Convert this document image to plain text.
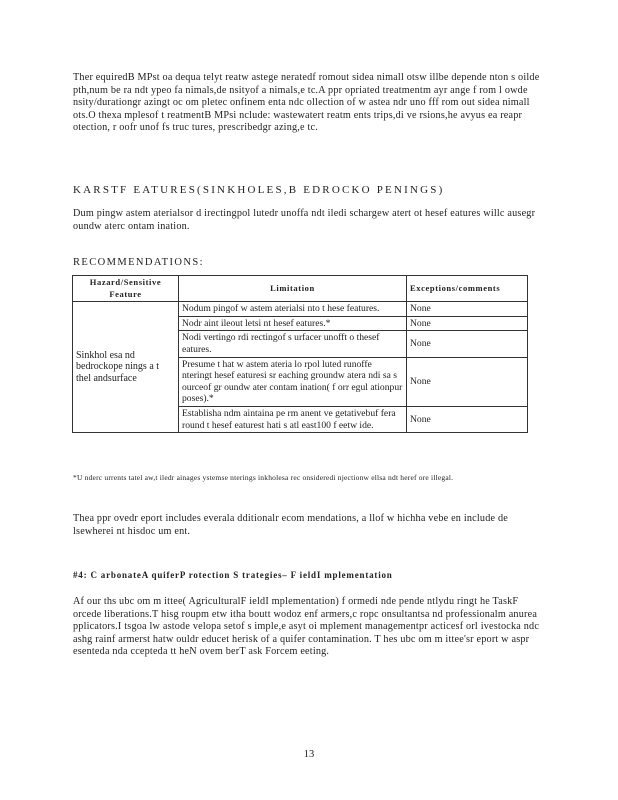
Ther equiredB MPst oa dequa telyt reatw astege neratedf romout sidea nimall otsw illbe depende nton s oilde pth,num be ra ndt ypeo fa nimals,de nsityof a nimals,e tc.A ppr opriated treatmentm ayr ange f rom l owde nsity/durationgr azingt oc om pletec onfinem enta ndc ollection of w astea ndr uno fff rom out sidea nimall ots.O thexa mplesof t reatmentB MPsi nclude: wastewatert reatm ents trips,di ve rsions,he avyus ea reapr otection, r oofr unof fs truc tures, prescribedgr azing,e tc.

KARSTF EATURES(SINKHOLES,B EDROCKO PENINGS)

Dum pingw astem aterialsor d irectingpol lutedr unoffa ndt iledi schargew atert ot hesef eatures willc ausegr oundw aterc ontam ination.

RECOMMENDATIONS:
Hazard/Sensitive Feature	Limitation	Exceptions/comments
Sinkhol esa nd bedrockope nings a t thel andsurface	Nodum pingof w astem aterialsi nto t hese features.	None
	Nodr aint ileout letsi nt hesef eatures.*	None
	Nodi vertingo rdi rectingof s urfacer unofft o thesef eatures.	None
	Presume t hat w astem ateria lo rpol luted runoffe nteringt hesef eaturesi sr eaching groundw atera ndi sa s ourceof gr oundw ater contam ination( f orr egul ationpur poses).*	None
	Establisha ndm aintaina pe rm anent ve getativebuf fera round t hesef eaturest hati s atl east100 f eetw ide.	None

*U nderc urrents tatel aw,t iledr ainages ystemse nterings inkholesa rec onsideredi njectionw ellsa ndt heref ore illegal.

Thea ppr ovedr eport includes everala dditionalr ecom mendations, a llof w hichha vebe en include de lsewherei nt hisdoc um ent.

#4: C arbonateA quiferP rotection S trategies– F ieldI mplementation

Af our ths ubc om m ittee( AgriculturalF ieldI mplementation) f ormedi nde pende ntlydu ringt he TaskF orcede liberations.T hisg roupm etw itha boutt wodoz enf armers,c ropc onsultantsa nd professionalm anurea pplicators.I tsgoa lw astode velopa setof s imple,e asyt oi mplement managementpr acticesf orl ivestocka ndc ashg rainf armerst hatw ouldr educet herisk of a quifer contamination. T hes ubc om m ittee'sr eport w aspr esenteda nda ccepteda tt heN ovem berT ask Forcem eeting.

13
